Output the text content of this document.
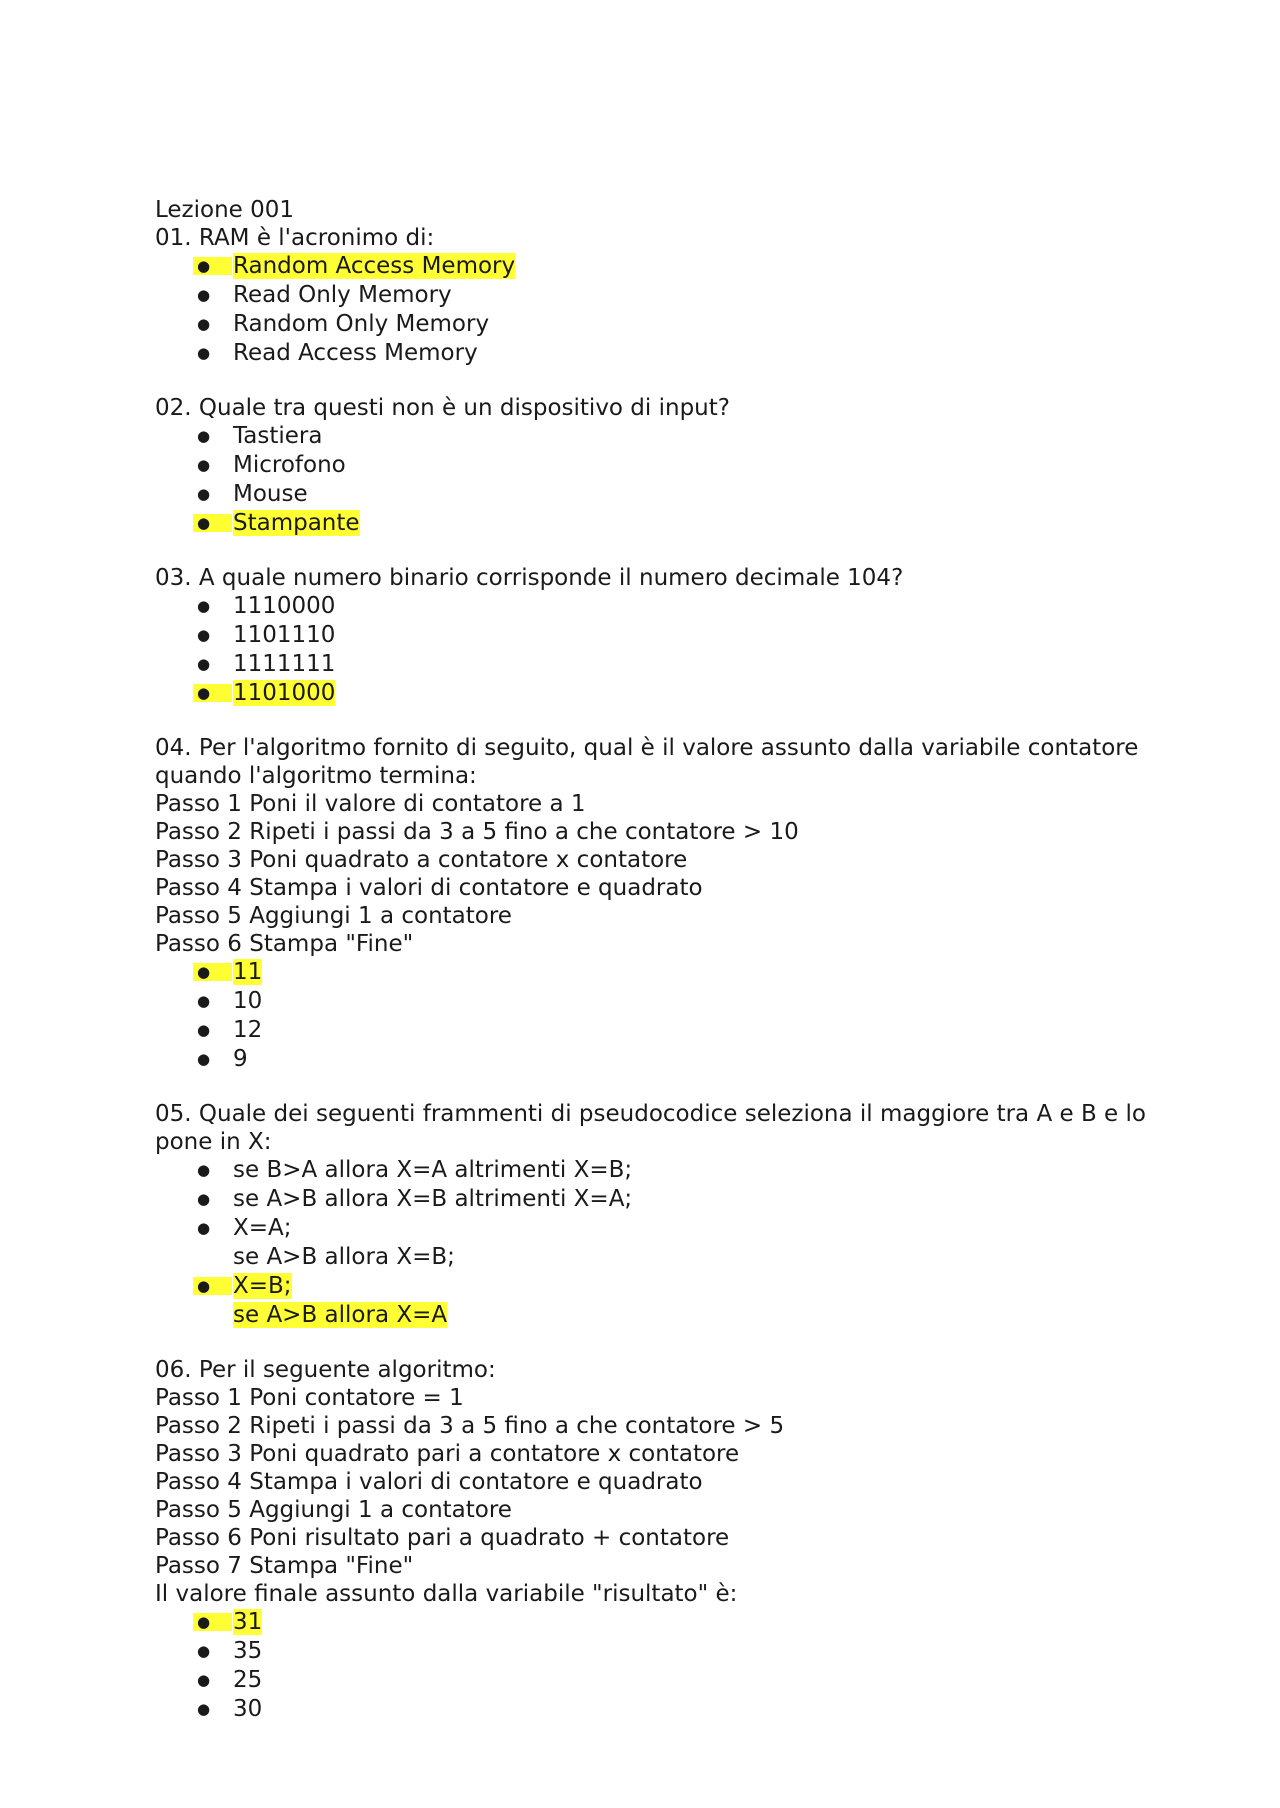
Lezione 001
01. RAM è l'acronimo di:
● Random Access Memory
● Read Only Memory
● Random Only Memory
● Read Access Memory
02. Quale tra questi non è un dispositivo di input?
● Tastiera
● Microfono
● Mouse
● Stampante
03. A quale numero binario corrisponde il numero decimale 104?
● 1110000
● 1101110
● 1111111
● 1101000
04. Per l'algoritmo fornito di seguito, qual è il valore assunto dalla variabile contatore
quando l'algoritmo termina:
Passo 1 Poni il valore di contatore a 1
Passo 2 Ripeti i passi da 3 a 5 fino a che contatore > 10
Passo 3 Poni quadrato a contatore x contatore
Passo 4 Stampa i valori di contatore e quadrato
Passo 5 Aggiungi 1 a contatore
Passo 6 Stampa "Fine"
● 11
● 10
● 12
● 9
05. Quale dei seguenti frammenti di pseudocodice seleziona il maggiore tra A e B e lo
pone in X:
● se B>A allora X=A altrimenti X=B;
● se A>B allora X=B altrimenti X=A;
● X=A;
se A>B allora X=B;
● X=B;
se A>B allora X=A
06. Per il seguente algoritmo:
Passo 1 Poni contatore = 1
Passo 2 Ripeti i passi da 3 a 5 fino a che contatore > 5
Passo 3 Poni quadrato pari a contatore x contatore
Passo 4 Stampa i valori di contatore e quadrato
Passo 5 Aggiungi 1 a contatore
Passo 6 Poni risultato pari a quadrato + contatore
Passo 7 Stampa "Fine"
Il valore finale assunto dalla variabile "risultato" è:
● 31
● 35
● 25
● 30
